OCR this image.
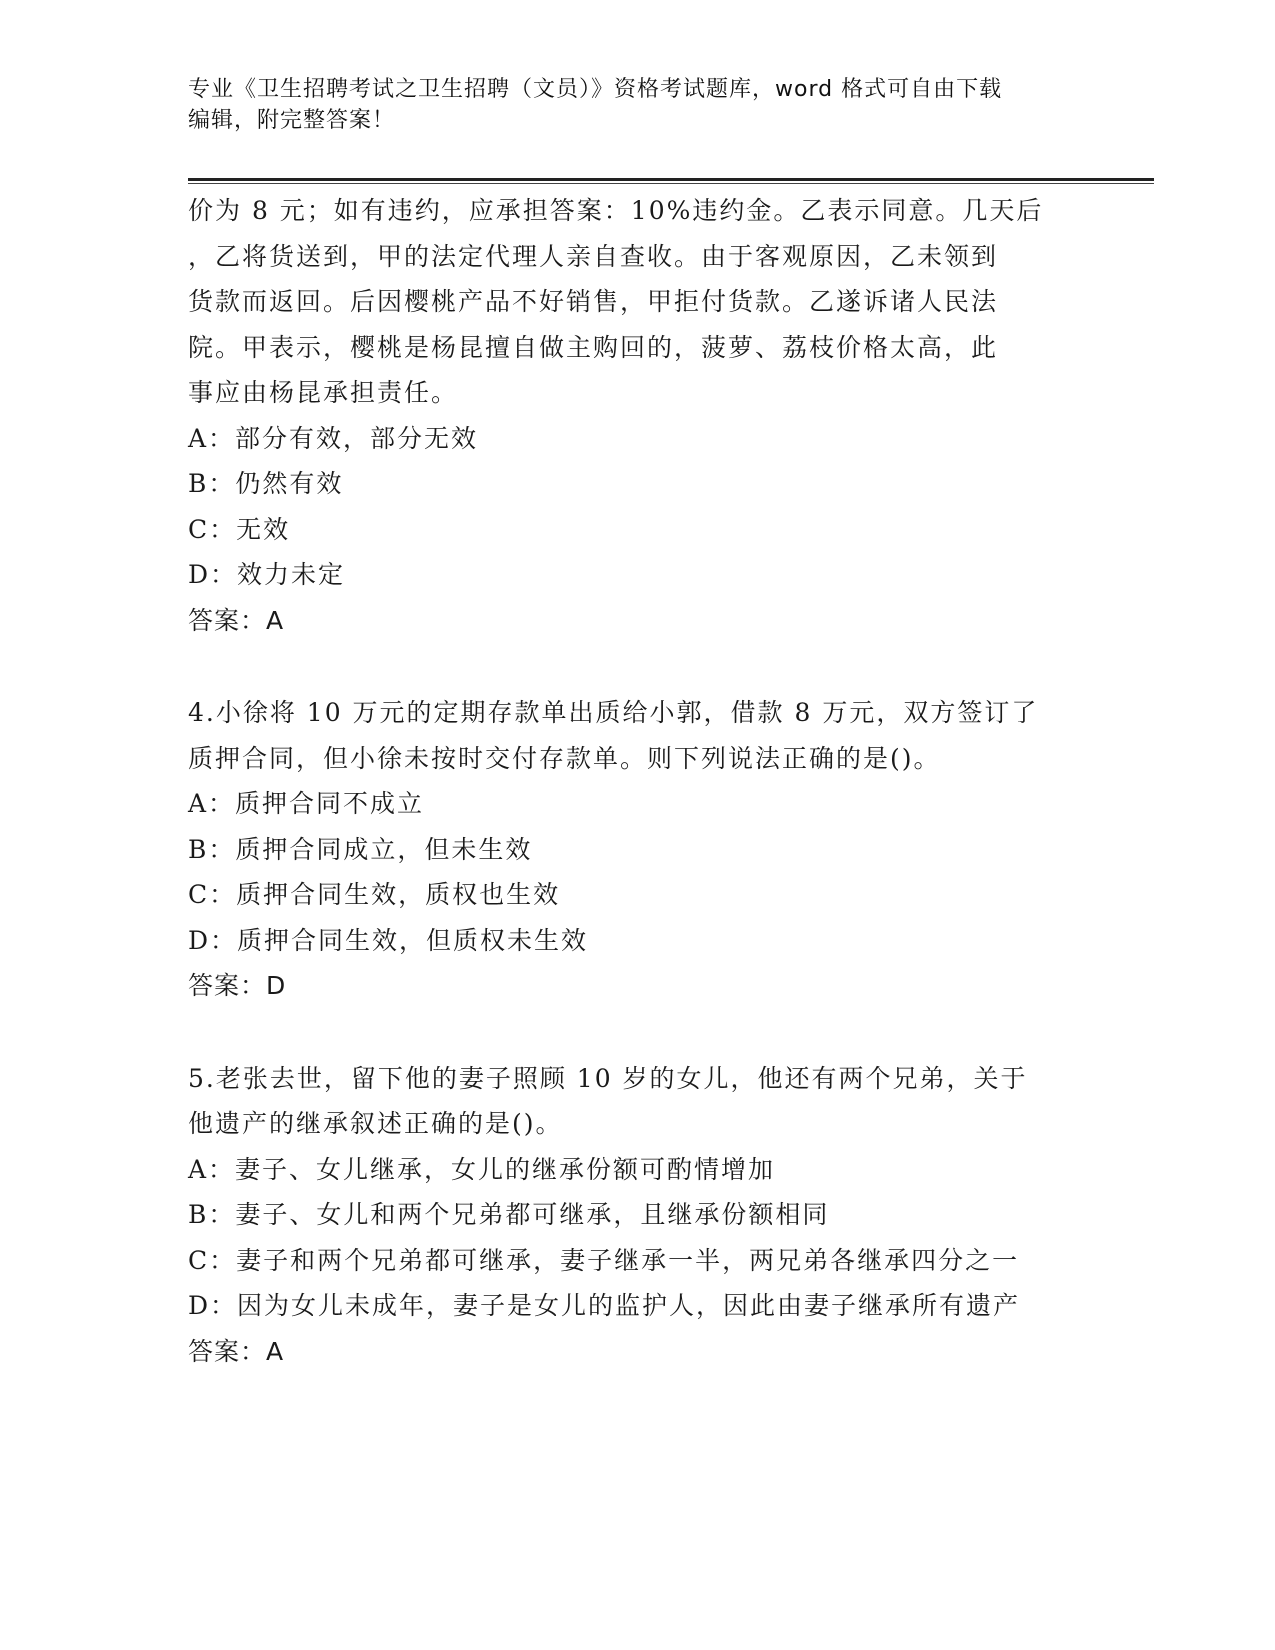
专业《卫生招聘考试之卫生招聘（文员）》资格考试题库，word 格式可自由下载
编辑，附完整答案！
价为 8 元；如有违约，应承担答案：10%违约金。乙表示同意。几天后
，乙将货送到，甲的法定代理人亲自查收。由于客观原因，乙未领到
货款而返回。后因樱桃产品不好销售，甲拒付货款。乙遂诉诸人民法
院。甲表示，樱桃是杨昆擅自做主购回的，菠萝、荔枝价格太高，此
事应由杨昆承担责任。
A：部分有效，部分无效
B：仍然有效
C：无效
D：效力未定
答案：A
4.小徐将 10 万元的定期存款单出质给小郭，借款 8 万元，双方签订了
质押合同，但小徐未按时交付存款单。则下列说法正确的是()。
A：质押合同不成立
B：质押合同成立，但未生效
C：质押合同生效，质权也生效
D：质押合同生效，但质权未生效
答案：D
5.老张去世，留下他的妻子照顾 10 岁的女儿，他还有两个兄弟，关于
他遗产的继承叙述正确的是()。
A：妻子、女儿继承，女儿的继承份额可酌情增加
B：妻子、女儿和两个兄弟都可继承，且继承份额相同
C：妻子和两个兄弟都可继承，妻子继承一半，两兄弟各继承四分之一
D：因为女儿未成年，妻子是女儿的监护人，因此由妻子继承所有遗产
答案：A
